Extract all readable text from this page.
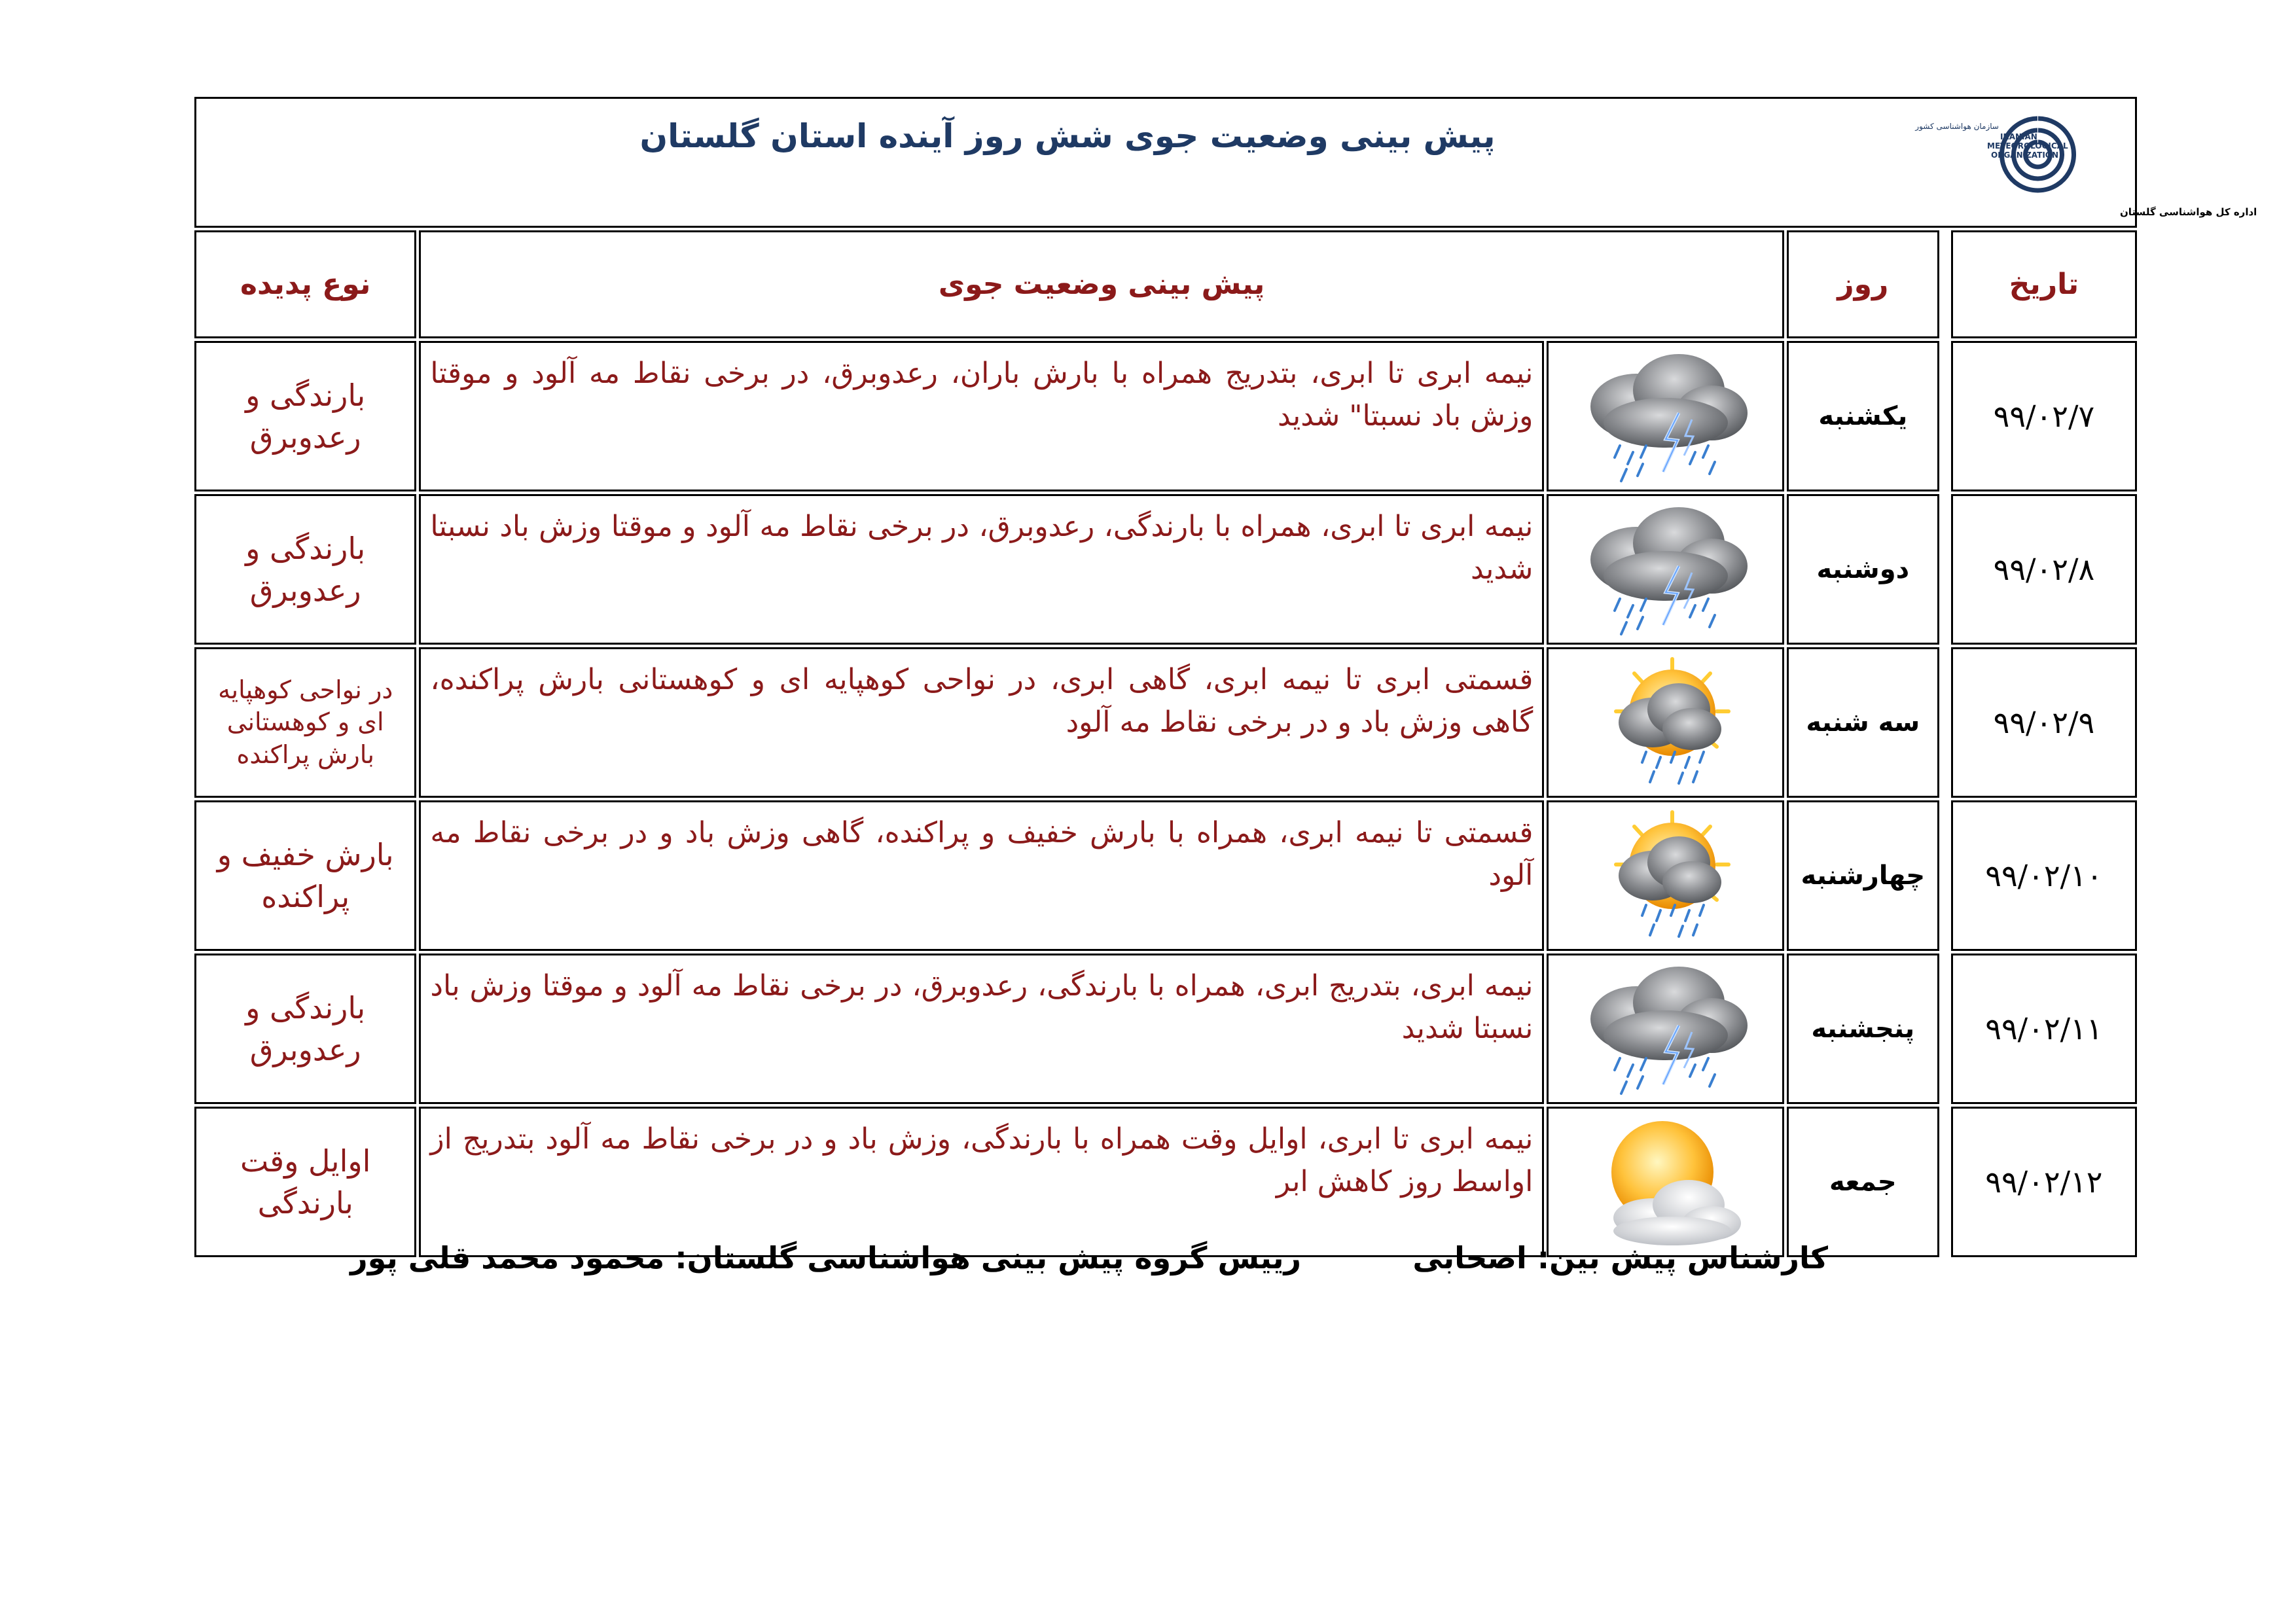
سازمان هواشناسی کشور
IRANIAN
METEOROLOGICAL
ORGANIZATION
اداره کل هواشناسی گلستان
پیش بینی وضعیت جوی شش روز آینده استان گلستان
نوع پدیده	پیش بینی وضعیت جوی		روز		تاریخ
بارندگی و رعدوبرق	نیمه ابری تا ابری، بتدریج همراه با بارش باران، رعدوبرق، در برخی نقاط مه آلود و موقتا وزش باد نسبتا" شدید		یکشنبه		۹۹/۰۲/۷
بارندگی و رعدوبرق	نیمه ابری تا ابری، همراه با بارندگی، رعدوبرق، در برخی نقاط مه آلود و موقتا وزش باد نسبتا شدید		دوشنبه		۹۹/۰۲/۸
در نواحی کوهپایه ای و کوهستانی بارش پراکنده	قسمتی ابری تا نیمه ابری، گاهی ابری، در نواحی کوهپایه ای و کوهستانی بارش پراکنده، گاهی وزش باد و در برخی نقاط مه آلود		سه شنبه		۹۹/۰۲/۹
بارش خفیف و پراکنده	قسمتی تا نیمه ابری، همراه با بارش خفیف و پراکنده، گاهی وزش باد و در برخی نقاط مه آلود		چهارشنبه		۹۹/۰۲/۱۰
بارندگی و رعدوبرق	نیمه ابری، بتدریج ابری، همراه با بارندگی، رعدوبرق، در برخی نقاط مه آلود و موقتا وزش باد نسبتا شدید		پنجشنبه		۹۹/۰۲/۱۱
اوایل وقت بارندگی	نیمه ابری تا ابری، اوایل وقت همراه با بارندگی، وزش باد و در برخی نقاط مه آلود بتدریج از اواسط روز کاهش ابر		جمعه		۹۹/۰۲/۱۲
کارشناس پیش بین: اصحابی
رییس گروه پیش بینی هواشناسی گلستان: محمود محمد قلی پور
